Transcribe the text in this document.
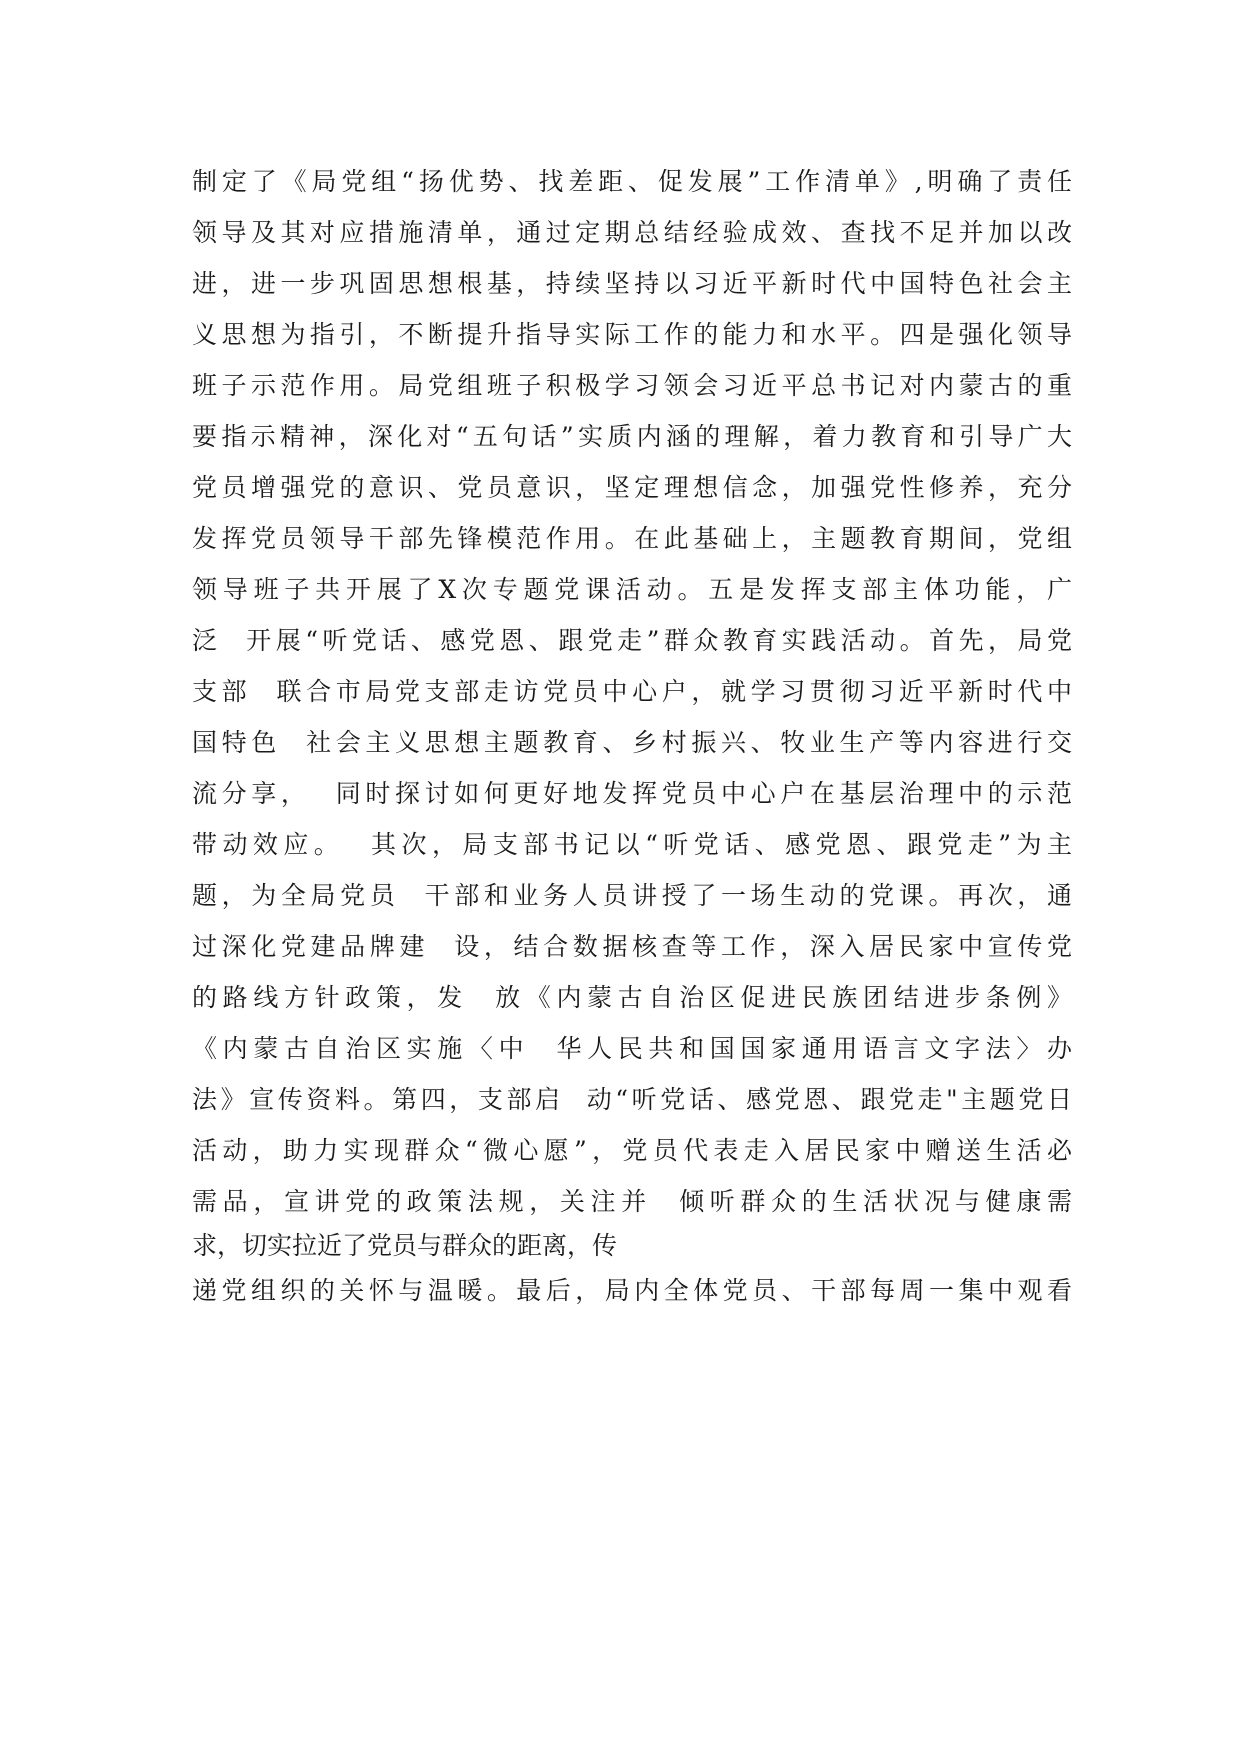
制定了《局党组“扬优势、找差距、促发展”工作清单》,明确了责任
领导及其对应措施清单，通过定期总结经验成效、查找不足并加以改
进，进一步巩固思想根基，持续坚持以习近平新时代中国特色社会主
义思想为指引，不断提升指导实际工作的能力和水平。四是强化领导
班子示范作用。局党组班子积极学习领会习近平总书记对内蒙古的重
要指示精神，深化对“五句话”实质内涵的理解，着力教育和引导广大
党员增强党的意识、党员意识，坚定理想信念，加强党性修养，充分
发挥党员领导干部先锋模范作用。在此基础上，主题教育期间，党组
领导班子共开展了X次专题党课活动。五是发挥支部主体功能，广
泛  开展“听党话、感党恩、跟党走”群众教育实践活动。首先，局党
支部  联合市局党支部走访党员中心户，就学习贯彻习近平新时代中
国特色  社会主义思想主题教育、乡村振兴、牧业生产等内容进行交
流分享，  同时探讨如何更好地发挥党员中心户在基层治理中的示范
带动效应。  其次，局支部书记以“听党话、感党恩、跟党走”为主
题，为全局党员  干部和业务人员讲授了一场生动的党课。再次，通
过深化党建品牌建  设，结合数据核查等工作，深入居民家中宣传党
的路线方针政策，发  放《内蒙古自治区促进民族团结进步条例》
《内蒙古自治区实施〈中  华人民共和国国家通用语言文字法〉办
法》宣传资料。第四，支部启  动“听党话、感党恩、跟党走"主题党日
活动，助力实现群众“微心愿”，党员代表走入居民家中赠送生活必
需品，宣讲党的政策法规，关注并  倾听群众的生活状况与健康需
求，切实拉近了党员与群众的距离，传
递党组织的关怀与温暖。最后，局内全体党员、干部每周一集中观看
